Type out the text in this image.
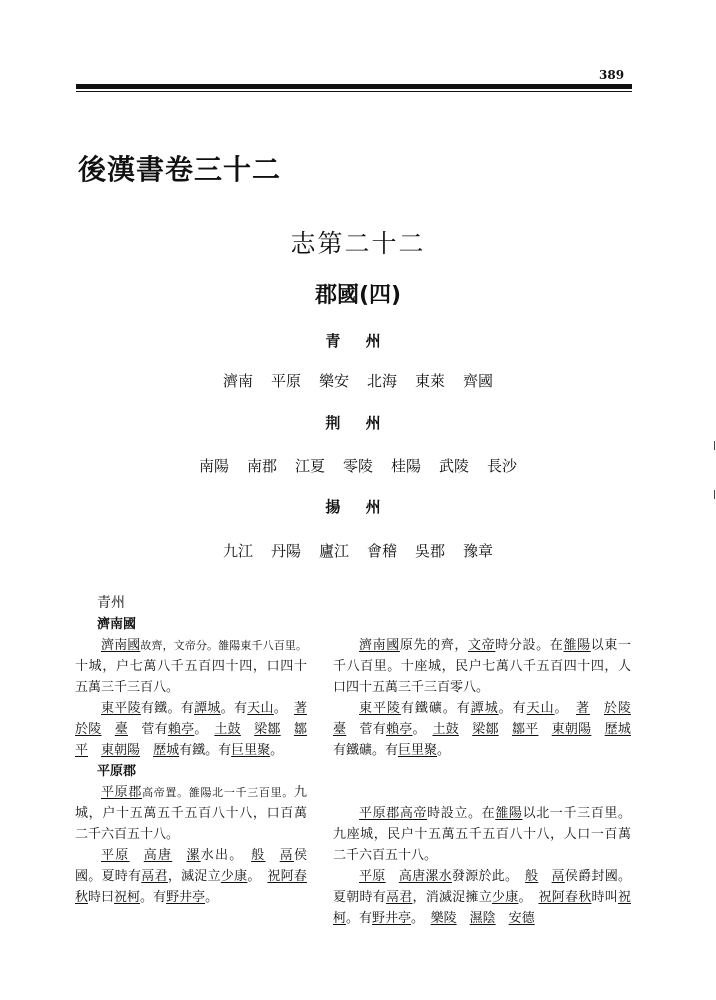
389
後漢書卷三十二
志第二十二
郡國(四)
青 州
濟南 平原 樂安 北海 東萊 齊國
荆 州
南陽 南郡 江夏 零陵 桂陽 武陵 長沙
揚 州
九江 丹陽 廬江 會稽 吳郡 豫章

青州

濟南國

濟南國故齊，文帝分。雒陽東千八百里。十城，户七萬八千五百四十四，口四十五萬三千三百八。

東平陵有鐵。有譚城。有天山。　 著　於陵　 臺　 菅有賴亭。　 土鼓　 梁鄒　 鄒平　 東朝陽　 歷城有鐵。有巨里聚。

平原郡

平原郡高帝置。雒陽北一千三百里。九城，户十五萬五千五百八十八，口百萬二千六百五十八。

平原　 高唐　 漯水出。　 般　 鬲侯國。夏時有鬲君，滅浞立少康。　 祝阿春秋時曰祝柯。有野井亭。

濟南國原先的齊，文帝時分設。在雒陽以東一千八百里。十座城，民户七萬八千五百四十四，人口四十五萬三千三百零八。

東平陵有鐵礦。有譚城。有天山。　 著　 於陵　臺　 菅有賴亭。　 土鼓　 梁鄒　 鄒平　 東朝陽　 歷城有鐵礦。有巨里聚。

平原郡高帝時設立。在雒陽以北一千三百里。九座城，民户十五萬五千五百八十八，人口一百萬二千六百五十八。

平原　 高唐漯水發源於此。　 般　 鬲侯爵封國。夏朝時有鬲君，消滅浞擁立少康。　 祝阿春秋時叫祝柯。有野井亭。　 樂陵　 濕陰　 安德
